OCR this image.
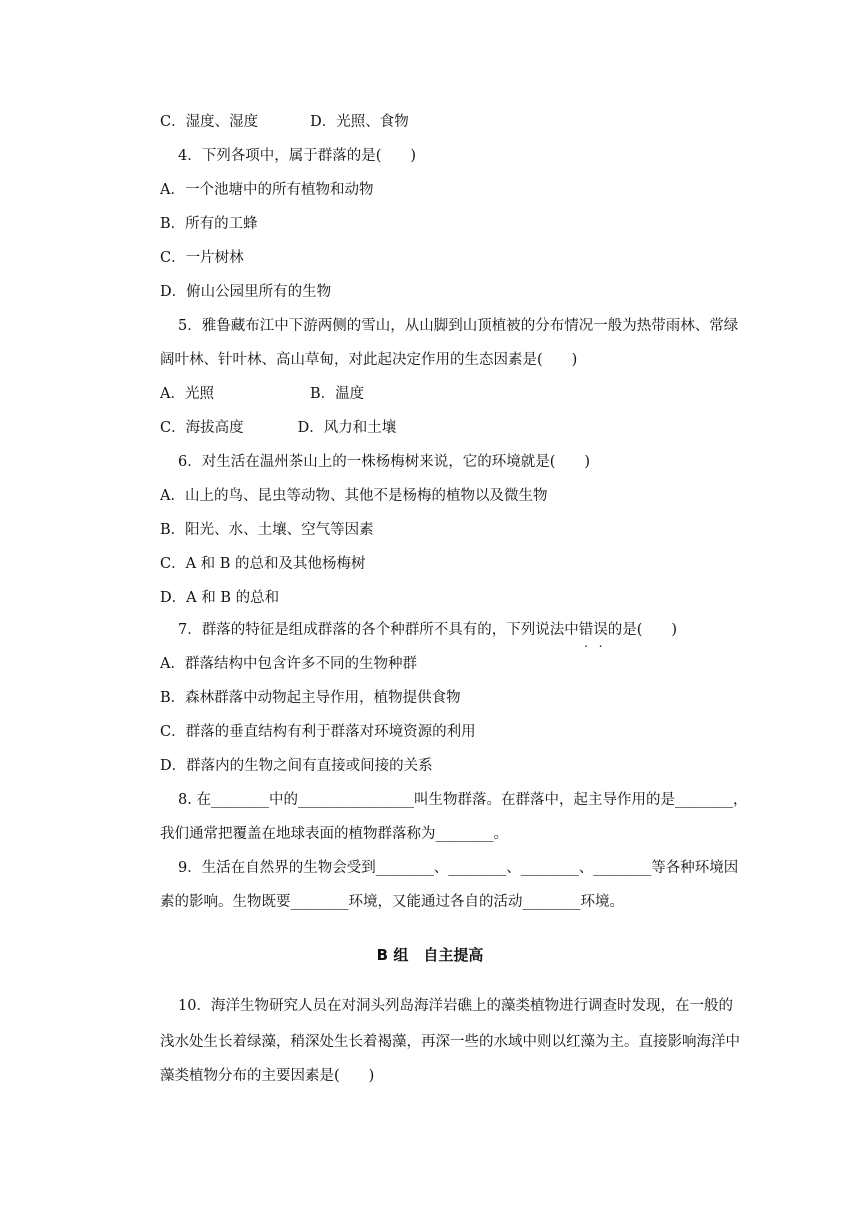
C．湿度、湿度	D．光照、食物
4．下列各项中，属于群落的是(　　)
A．一个池塘中的所有植物和动物
B．所有的工蜂
C．一片树林
D．俯山公园里所有的生物
5．雅鲁藏布江中下游两侧的雪山，从山脚到山顶植被的分布情况一般为热带雨林、常绿
阔叶林、针叶林、高山草甸，对此起决定作用的生态因素是(　　)
A．光照	B．温度
C．海拔高度	D．风力和土壤
6．对生活在温州茶山上的一株杨梅树来说，它的环境就是(　　)
A．山上的鸟、昆虫等动物、其他不是杨梅的植物以及微生物
B．阳光、水、土壤、空气等因素
C．A 和 B 的总和及其他杨梅树
D．A 和 B 的总和
7．群落的特征是组成群落的各个种群所不具有的，下列说法中错误的是(　　)
A．群落结构中包含许多不同的生物种群
B．森林群落中动物起主导作用，植物提供食物
C．群落的垂直结构有利于群落对环境资源的利用
D．群落内的生物之间有直接或间接的关系
8. 在________中的________________叫生物群落。在群落中，起主导作用的是________，
我们通常把覆盖在地球表面的植物群落称为________。
9．生活在自然界的生物会受到________、________、________、________等各种环境因
素的影响。生物既要________环境，又能通过各自的活动________环境。
B 组　自主提高
10．海洋生物研究人员在对洞头列岛海洋岩礁上的藻类植物进行调查时发现，在一般的
浅水处生长着绿藻，稍深处生长着褐藻，再深一些的水域中则以红藻为主。直接影响海洋中
藻类植物分布的主要因素是(　　)
